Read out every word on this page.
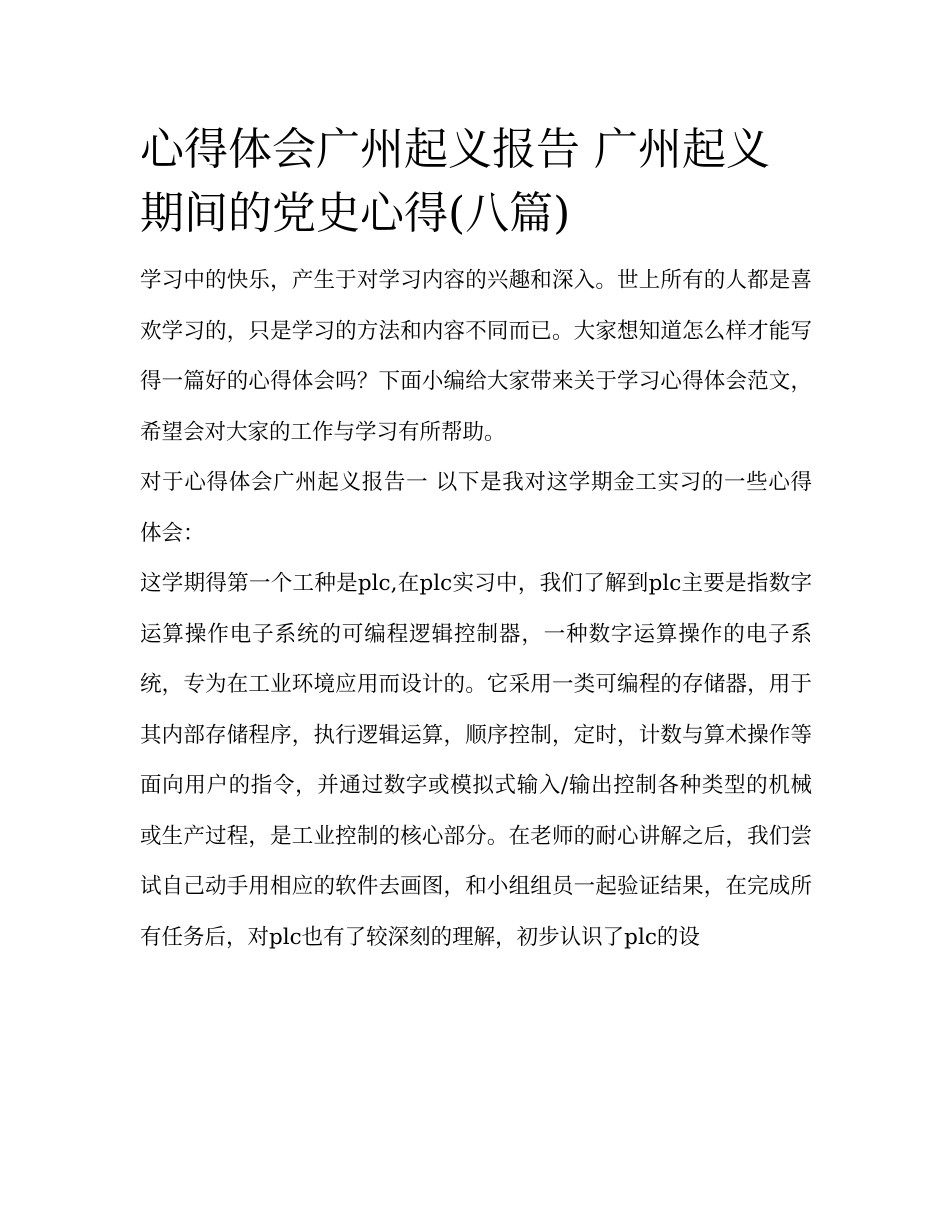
心得体会广州起义报告 广州起义期间的党史心得(八篇)

学习中的快乐，产生于对学习内容的兴趣和深入。世上所有的人都是喜欢学习的，只是学习的方法和内容不同而已。大家想知道怎么样才能写得一篇好的心得体会吗？下面小编给大家带来关于学习心得体会范文，希望会对大家的工作与学习有所帮助。

对于心得体会广州起义报告一 以下是我对这学期金工实习的一些心得体会：

这学期得第一个工种是plc,在plc实习中，我们了解到plc主要是指数字运算操作电子系统的可编程逻辑控制器，一种数字运算操作的电子系统，专为在工业环境应用而设计的。它采用一类可编程的存储器，用于其内部存储程序，执行逻辑运算，顺序控制，定时，计数与算术操作等面向用户的指令，并通过数字或模拟式输入/输出控制各种类型的机械或生产过程，是工业控制的核心部分。在老师的耐心讲解之后，我们尝试自己动手用相应的软件去画图，和小组组员一起验证结果，在完成所有任务后，对plc也有了较深刻的理解，初步认识了plc的设
